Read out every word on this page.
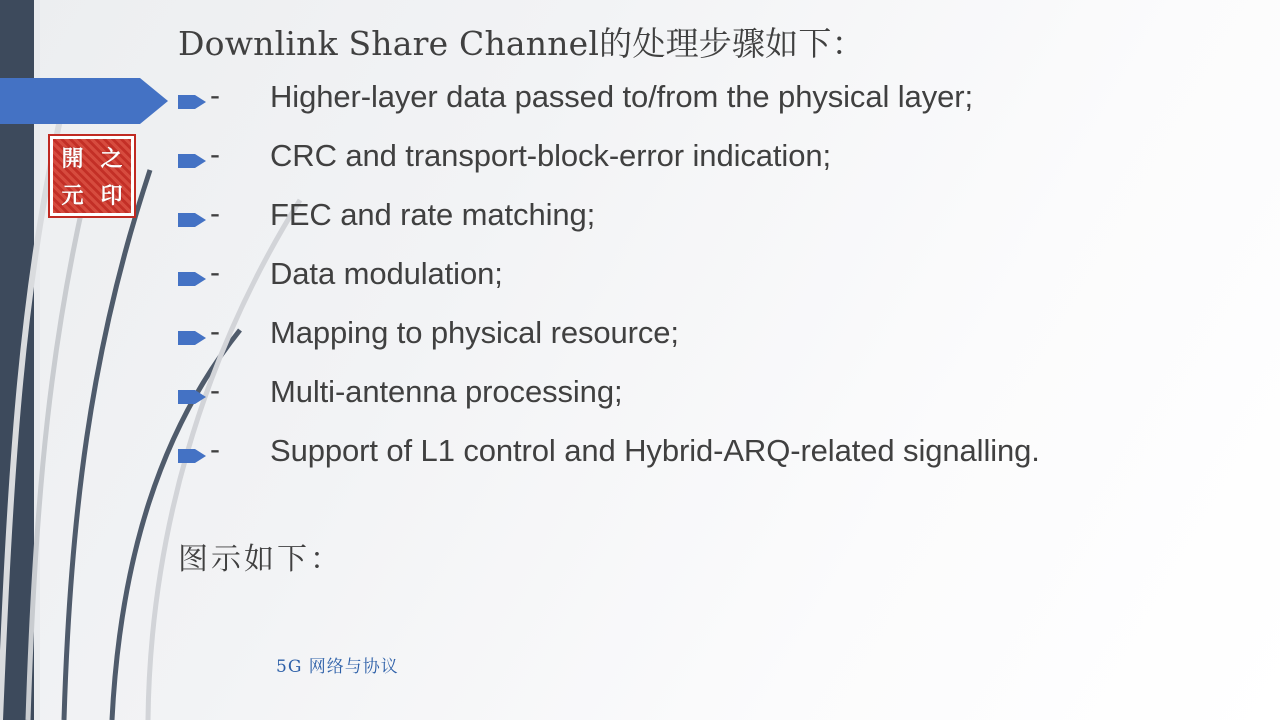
開 之
元 印
Downlink Share Channel的处理步骤如下：
-	Higher-layer data passed to/from the physical layer;
-	CRC and transport-block-error indication;
-	FEC and rate matching;
-	Data modulation;
-	Mapping to physical resource;
-	Multi-antenna processing;
-	Support of L1 control and Hybrid-ARQ-related signalling.
图示如下：
5G 网络与协议
